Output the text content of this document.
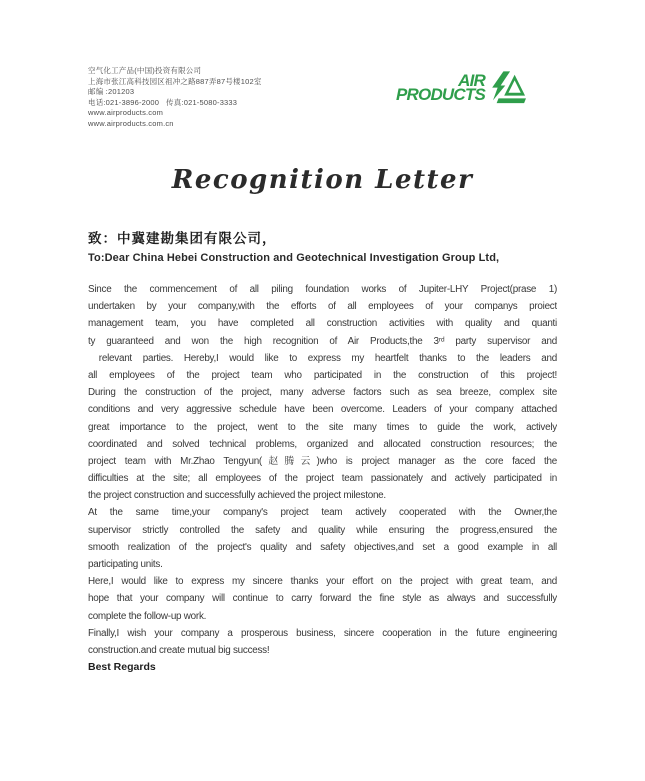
空气化工产品(中国)投资有限公司
上海市张江高科技园区祖冲之路887弄87号楼102室
邮编 :201203
电话:021-3896-2000   传真:021-5080-3333
www.airproducts.com
www.airproducts.com.cn
AIR
PRODUCTS
Recognition Letter
致：中冀建勘集团有限公司，
To:Dear China Hebei Construction and Geotechnical Investigation Group Ltd,
Since the commencement of all piling foundation works of Jupiter-LHY Project(prase 1)
undertaken by your company,with the efforts of all employees of your companys proiect
management team, you have completed all construction activities with quality and quanti
ty guaranteed and won the high recognition of Air Products,the 3ʳᵈ party supervisor and
relevant parties. Hereby,I would like to express my heartfelt thanks to the leaders and
all employees of the project team who participated in the construction of this project!
During the construction of the project, many adverse factors such as sea breeze, complex site
conditions and very aggressive schedule have been overcome. Leaders of your company attached
great importance to the project, went to the site many times to guide the work, actively
coordinated and solved technical problems, organized and allocated construction resources; the
project team with Mr.Zhao Tengyun(赵腾云)who is project manager as the core faced the
difficulties at the site; all employees of the project team passionately and actively participated in
the project construction and successfully achieved the project milestone.
At the same time,your company's project team actively cooperated with the Owner,the
supervisor strictly controlled the safety and quality while ensuring the progress,ensured the
smooth realization of the project's quality and safety objectives,and set a good example in all
participating units.
Here,I would like to express my sincere thanks your effort on the project with great team, and
hope that your company will continue to carry forward the fine style as always and successfully
complete the follow-up work.
Finally,I wish your company a prosperous business, sincere cooperation in the future engineering
construction.and create mutual big success!
Best Regards
